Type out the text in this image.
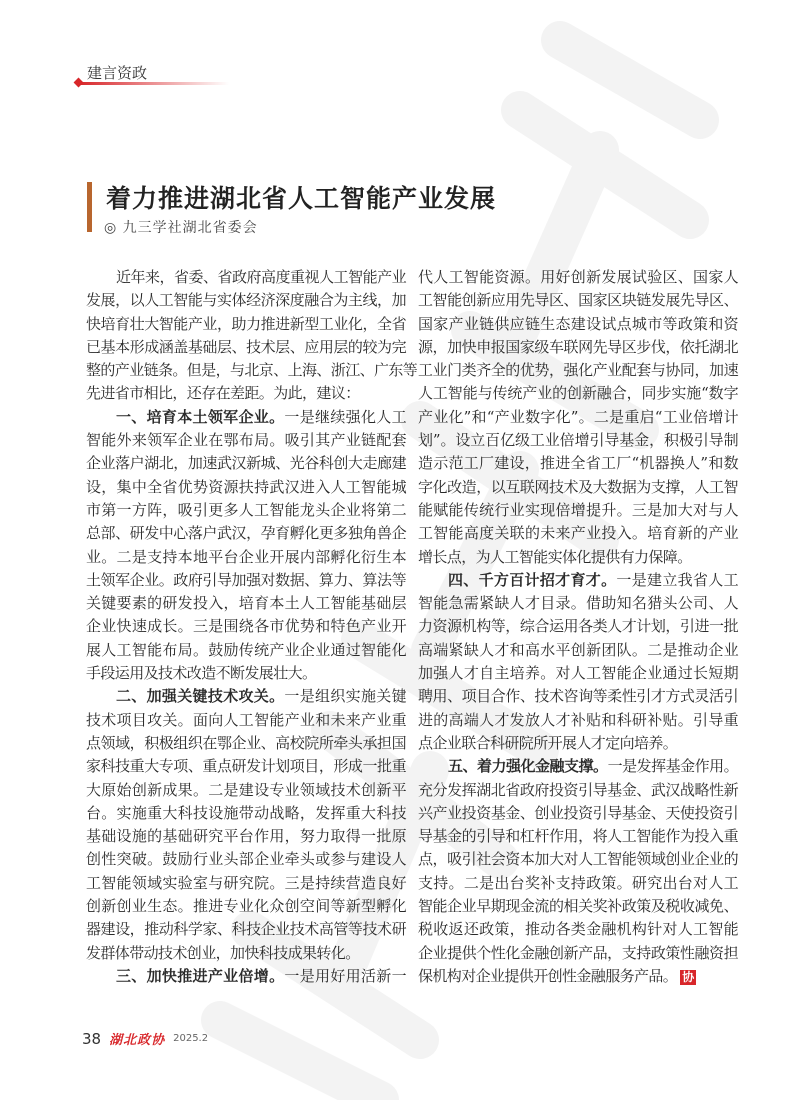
建言资政
着力推进湖北省人工智能产业发展
◎ 九三学社湖北省委会
近年来，省委、省政府高度重视人工智能产业
发展，以人工智能与实体经济深度融合为主线，加
快培育壮大智能产业，助力推进新型工业化，全省
已基本形成涵盖基础层、技术层、应用层的较为完
整的产业链条。但是，与北京、上海、浙江、广东等
先进省市相比，还存在差距。为此，建议：
一、培育本土领军企业。一是继续强化人工
智能外来领军企业在鄂布局。吸引其产业链配套
企业落户湖北，加速武汉新城、光谷科创大走廊建
设，集中全省优势资源扶持武汉进入人工智能城
市第一方阵，吸引更多人工智能龙头企业将第二
总部、研发中心落户武汉，孕育孵化更多独角兽企
业。二是支持本地平台企业开展内部孵化衍生本
土领军企业。政府引导加强对数据、算力、算法等
关键要素的研发投入，培育本土人工智能基础层
企业快速成长。三是围绕各市优势和特色产业开
展人工智能布局。鼓励传统产业企业通过智能化
手段运用及技术改造不断发展壮大。
二、加强关键技术攻关。一是组织实施关键
技术项目攻关。面向人工智能产业和未来产业重
点领域，积极组织在鄂企业、高校院所牵头承担国
家科技重大专项、重点研发计划项目，形成一批重
大原始创新成果。二是建设专业领域技术创新平
台。实施重大科技设施带动战略，发挥重大科技
基础设施的基础研究平台作用，努力取得一批原
创性突破。鼓励行业头部企业牵头或参与建设人
工智能领域实验室与研究院。三是持续营造良好
创新创业生态。推进专业化众创空间等新型孵化
器建设，推动科学家、科技企业技术高管等技术研
发群体带动技术创业，加快科技成果转化。
三、加快推进产业倍增。一是用好用活新一
代人工智能资源。用好创新发展试验区、国家人
工智能创新应用先导区、国家区块链发展先导区、
国家产业链供应链生态建设试点城市等政策和资
源，加快申报国家级车联网先导区步伐，依托湖北
工业门类齐全的优势，强化产业配套与协同，加速
人工智能与传统产业的创新融合，同步实施“数字
产业化”和“产业数字化”。二是重启“工业倍增计
划”。设立百亿级工业倍增引导基金，积极引导制
造示范工厂建设，推进全省工厂“机器换人”和数
字化改造，以互联网技术及大数据为支撑，人工智
能赋能传统行业实现倍增提升。三是加大对与人
工智能高度关联的未来产业投入。培育新的产业
增长点，为人工智能实体化提供有力保障。
四、千方百计招才育才。一是建立我省人工
智能急需紧缺人才目录。借助知名猎头公司、人
力资源机构等，综合运用各类人才计划，引进一批
高端紧缺人才和高水平创新团队。二是推动企业
加强人才自主培养。对人工智能企业通过长短期
聘用、项目合作、技术咨询等柔性引才方式灵活引
进的高端人才发放人才补贴和科研补贴。引导重
点企业联合科研院所开展人才定向培养。
五、着力强化金融支撑。一是发挥基金作用。
充分发挥湖北省政府投资引导基金、武汉战略性新
兴产业投资基金、创业投资引导基金、天使投资引
导基金的引导和杠杆作用，将人工智能作为投入重
点，吸引社会资本加大对人工智能领域创业企业的
支持。二是出台奖补支持政策。研究出台对人工
智能企业早期现金流的相关奖补政策及税收减免、
税收返还政策，推动各类金融机构针对人工智能
企业提供个性化金融创新产品，支持政策性融资担
保机构对企业提供开创性金融服务产品。 协
38 湖北政协 2025.2
